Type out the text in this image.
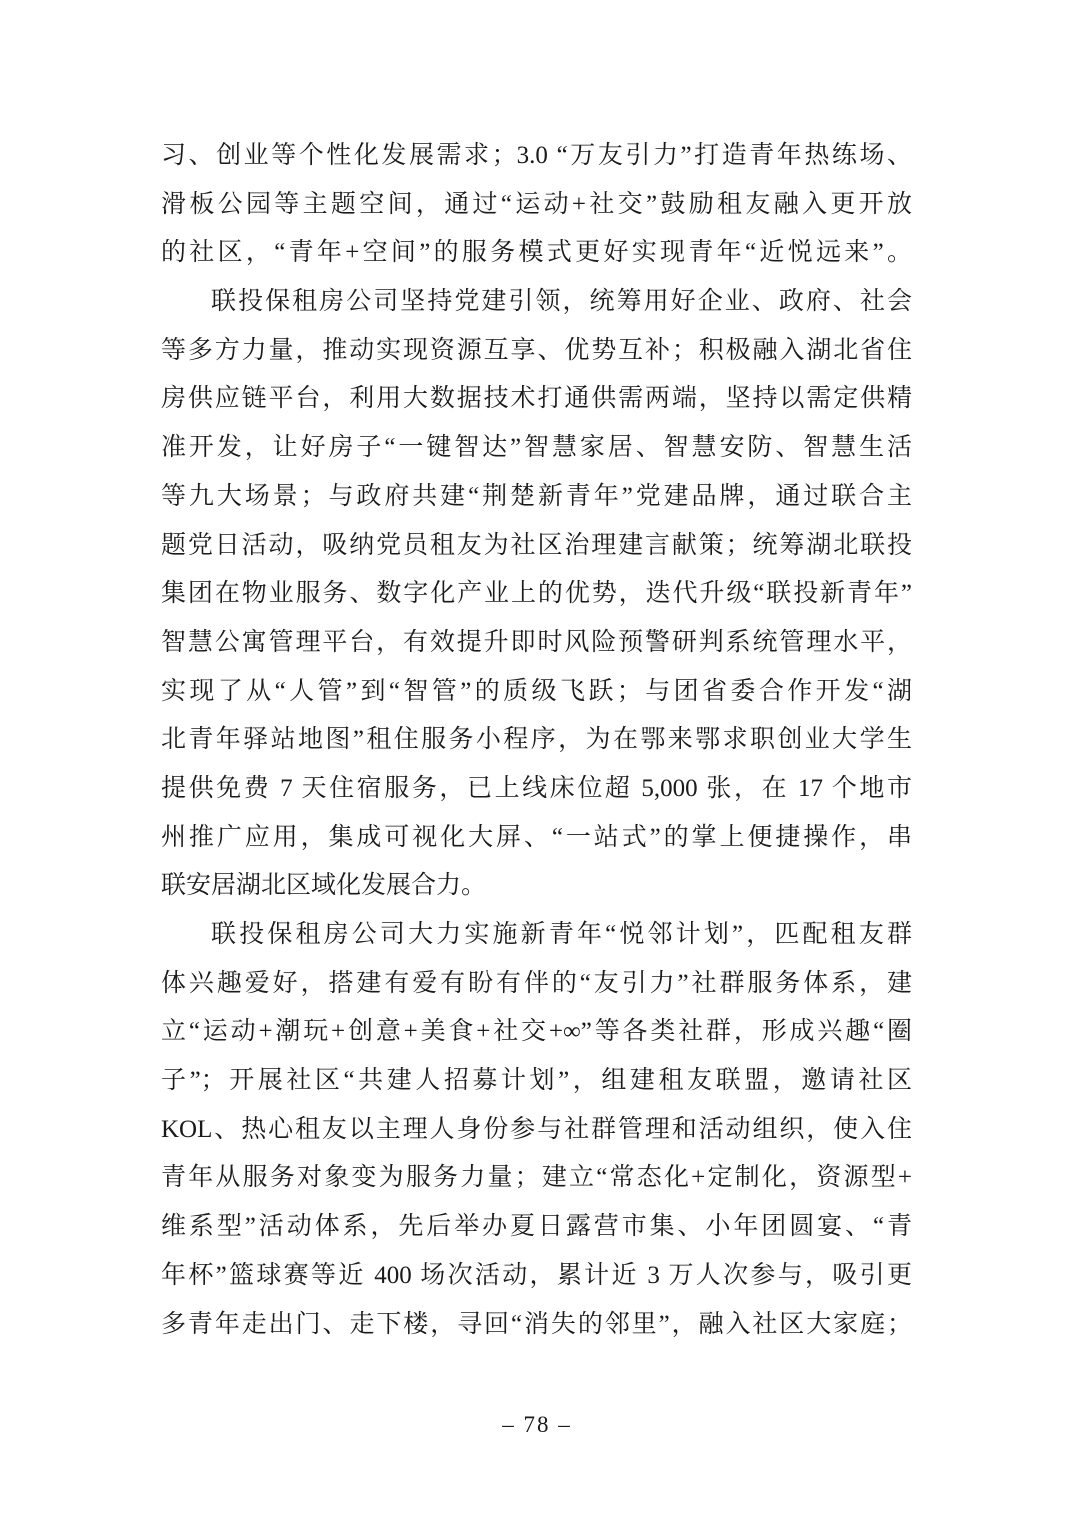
习、创业等个性化发展需求；3.0 “万友引力”打造青年热练场、
滑板公园等主题空间，通过“运动+社交”鼓励租友融入更开放
的社区，“青年+空间”的服务模式更好实现青年“近悦远来”。
联投保租房公司坚持党建引领，统筹用好企业、政府、社会
等多方力量，推动实现资源互享、优势互补；积极融入湖北省住
房供应链平台，利用大数据技术打通供需两端，坚持以需定供精
准开发，让好房子“一键智达”智慧家居、智慧安防、智慧生活
等九大场景；与政府共建“荆楚新青年”党建品牌，通过联合主
题党日活动，吸纳党员租友为社区治理建言献策；统筹湖北联投
集团在物业服务、数字化产业上的优势，迭代升级“联投新青年”
智慧公寓管理平台，有效提升即时风险预警研判系统管理水平，
实现了从“人管”到“智管”的质级飞跃；与团省委合作开发“湖
北青年驿站地图”租住服务小程序，为在鄂来鄂求职创业大学生
提供免费 7 天住宿服务，已上线床位超 5,000 张，在 17 个地市
州推广应用，集成可视化大屏、“一站式”的掌上便捷操作，串
联安居湖北区域化发展合力。
联投保租房公司大力实施新青年“悦邻计划”，匹配租友群
体兴趣爱好，搭建有爱有盼有伴的“友引力”社群服务体系，建
立“运动+潮玩+创意+美食+社交+∞”等各类社群，形成兴趣“圈
子”；开展社区“共建人招募计划”，组建租友联盟，邀请社区
KOL、热心租友以主理人身份参与社群管理和活动组织，使入住
青年从服务对象变为服务力量；建立“常态化+定制化，资源型+
维系型”活动体系，先后举办夏日露营市集、小年团圆宴、“青
年杯”篮球赛等近 400 场次活动，累计近 3 万人次参与，吸引更
多青年走出门、走下楼，寻回“消失的邻里”，融入社区大家庭；
– 78 –
